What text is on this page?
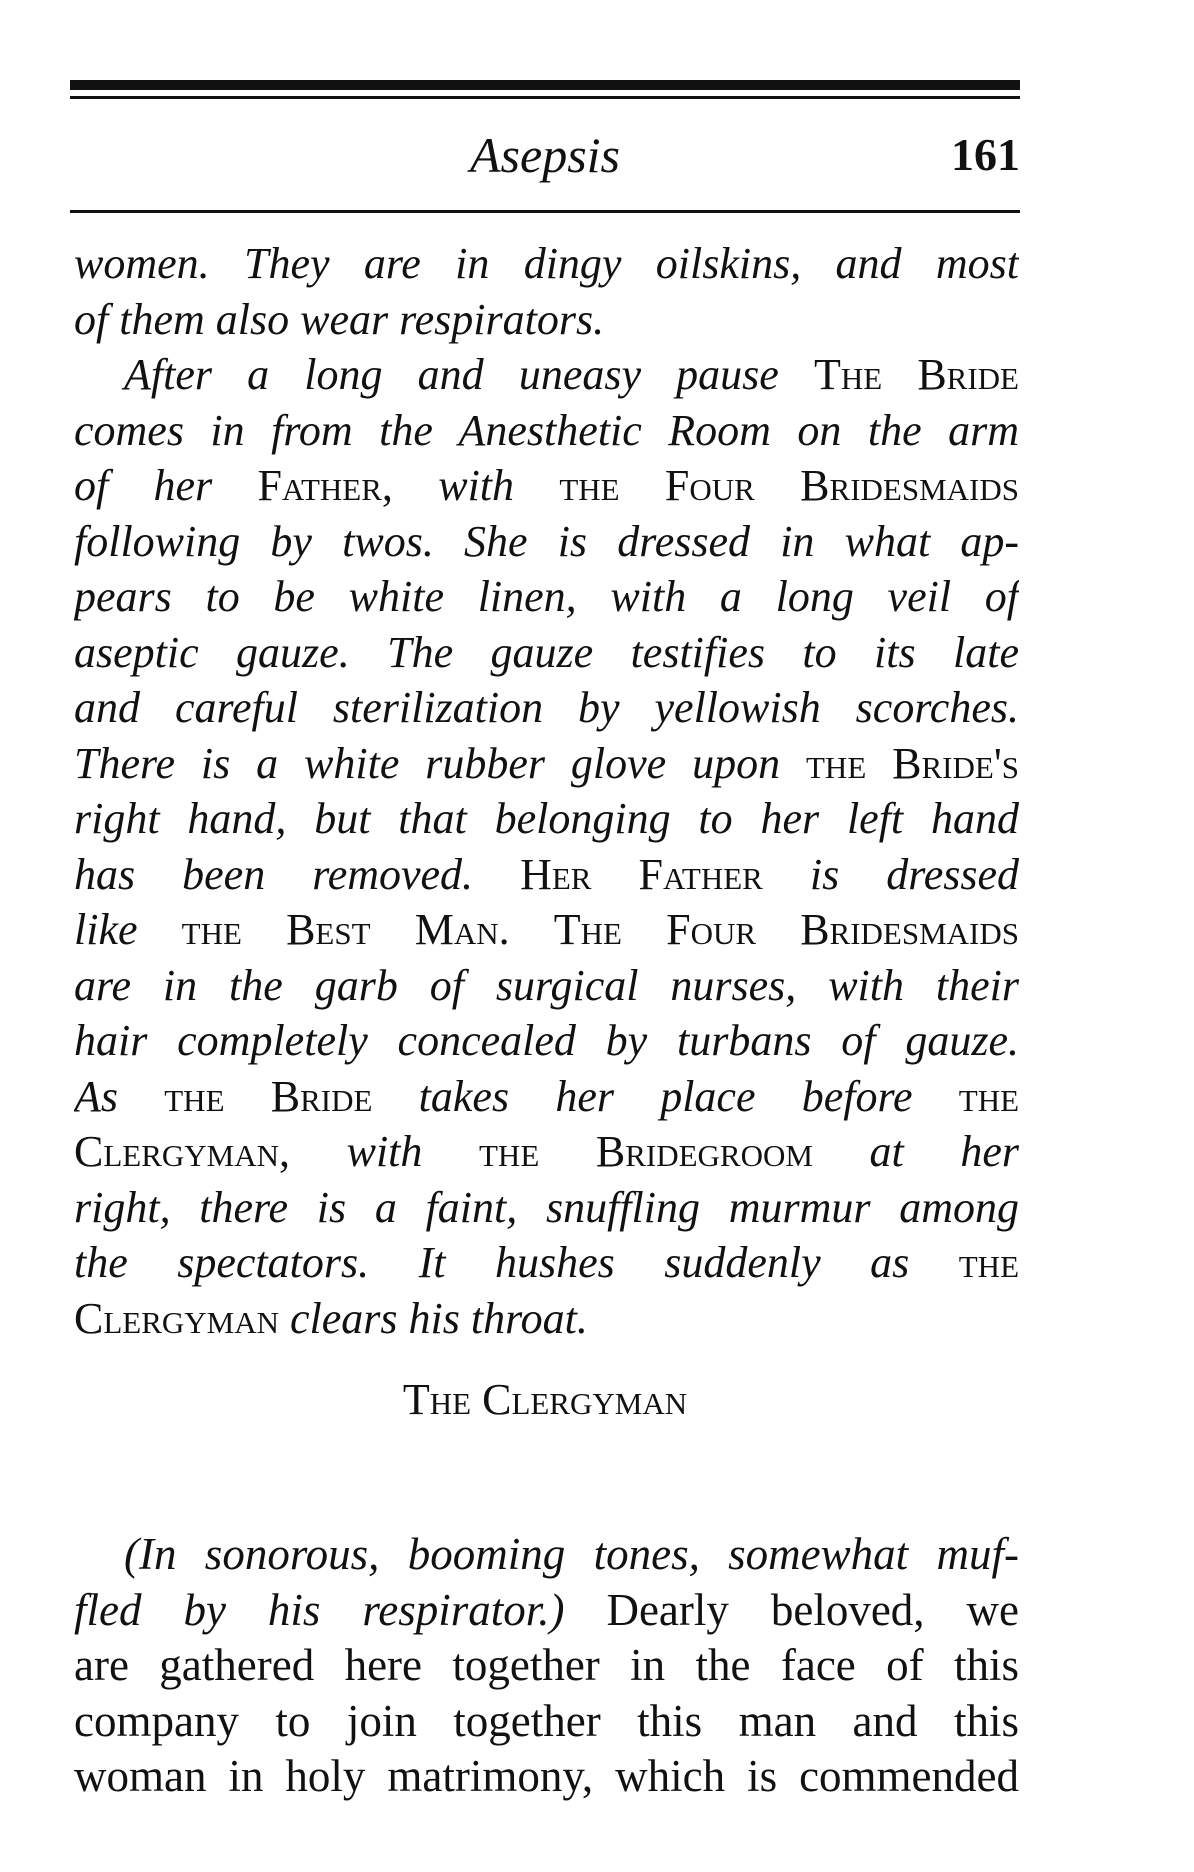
Asepsis	161
women. They are in dingy oilskins, and most
of them also wear respirators.
After a long and uneasy pause The Bride
comes in from the Anesthetic Room on the arm
of her Father, with the Four Bridesmaids
following by twos. She is dressed in what ap-
pears to be white linen, with a long veil of
aseptic gauze. The gauze testifies to its late
and careful sterilization by yellowish scorches.
There is a white rubber glove upon the Bride's
right hand, but that belonging to her left hand
has been removed. Her Father is dressed
like the Best Man. The Four Bridesmaids
are in the garb of surgical nurses, with their
hair completely concealed by turbans of gauze.
As the Bride takes her place before the
Clergyman, with the Bridegroom at her
right, there is a faint, snuffling murmur among
the spectators. It hushes suddenly as the
Clergyman clears his throat.
The Clergyman
(In sonorous, booming tones, somewhat muf-
fled by his respirator.) Dearly beloved, we
are gathered here together in the face of this
company to join together this man and this
woman in holy matrimony, which is commended
